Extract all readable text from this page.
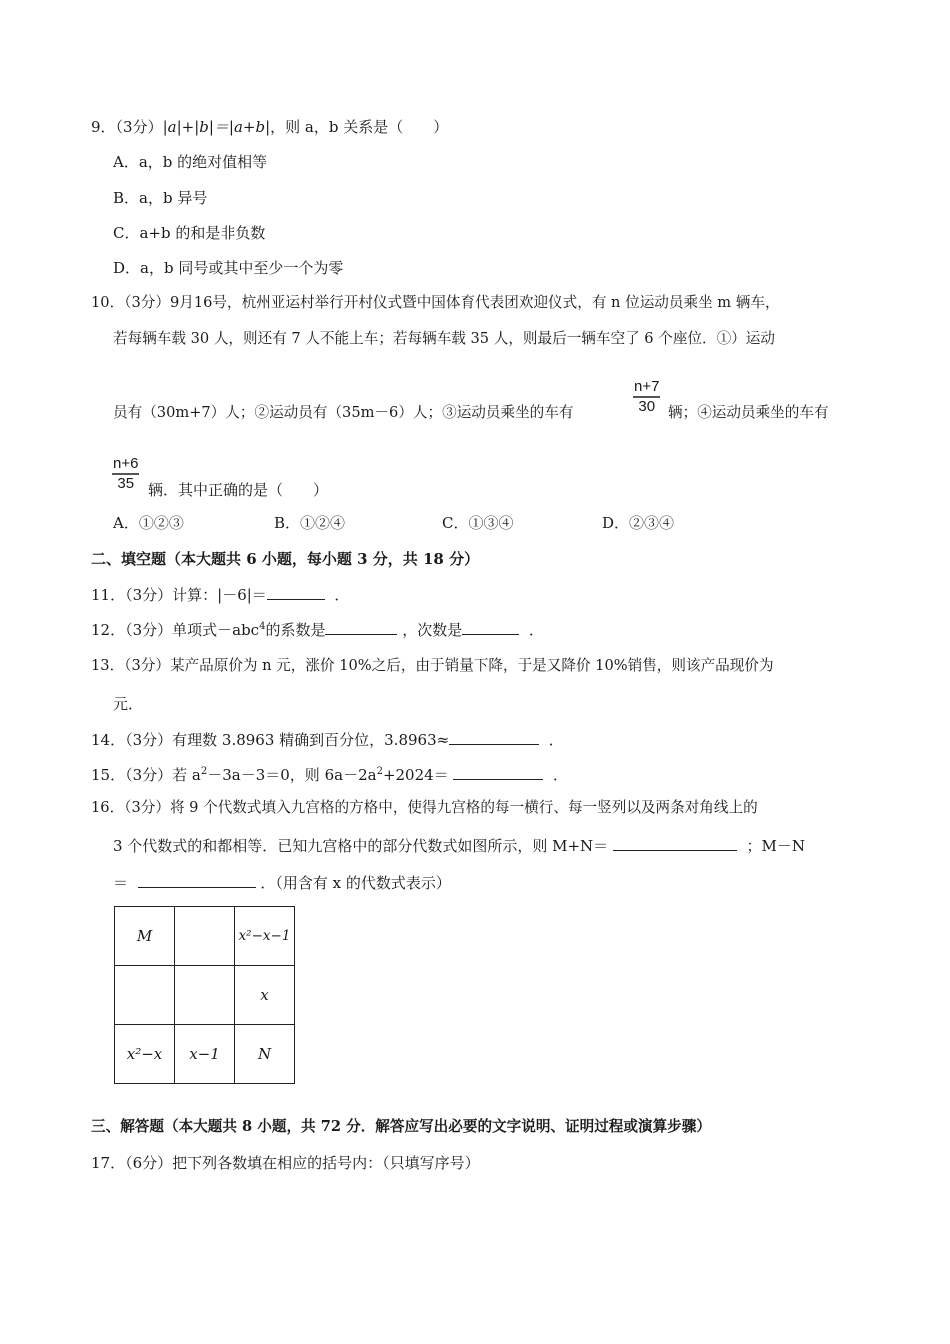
9．（3分）|a|+|b|＝|a+b|，则 a，b 关系是（　　）
A．a，b 的绝对值相等
B．a，b 异号
C．a+b 的和是非负数
D．a，b 同号或其中至少一个为零
10．（3分）9月16号，杭州亚运村举行开村仪式暨中国体育代表团欢迎仪式，有 n 位运动员乘坐 m 辆车，
若每辆车载 30 人，则还有 7 人不能上车；若每辆车载 35 人，则最后一辆车空了 6 个座位．①）运动
员有（30m+7）人；②运动员有（35m－6）人；③运动员乘坐的车有	$\frac{n+7}{30}$ 辆；④运动员乘坐的车有
$\frac{n+6}{35}$ 辆．其中正确的是（　　）
A．①②③	B．①②④	C．①③④	D．②③④
二、填空题（本大题共 6 小题，每小题 3 分，共 18 分）
11．（3分）计算：|－6|＝	．
12．（3分）单项式－abc$^4$的系数是	，次数是	．
13．（3分）某产品原价为 n 元，涨价 10%之后，由于销量下降，于是又降价 10%销售，则该产品现价为
元．
14．（3分）有理数 3.8963 精确到百分位，3.8963≈	．
15．（3分）若 $a^2-3a-3=0$，则 $6a-2a^2+2024=$	．
16．（3分）将 9 个代数式填入九宫格的方格中，使得九宫格的每一横行、每一竖列以及两条对角线上的
3 个代数式的和都相等．已知九宫格中的部分代数式如图所示，则 M+N＝	；M－N
＝	．（用含有 x 的代数式表示）
M		x²−x−1
		x
x²−x	x−1	N
三、解答题（本大题共 8 小题，共 72 分．解答应写出必要的文字说明、证明过程或演算步骤）
17．（6分）把下列各数填在相应的括号内：（只填写序号）
